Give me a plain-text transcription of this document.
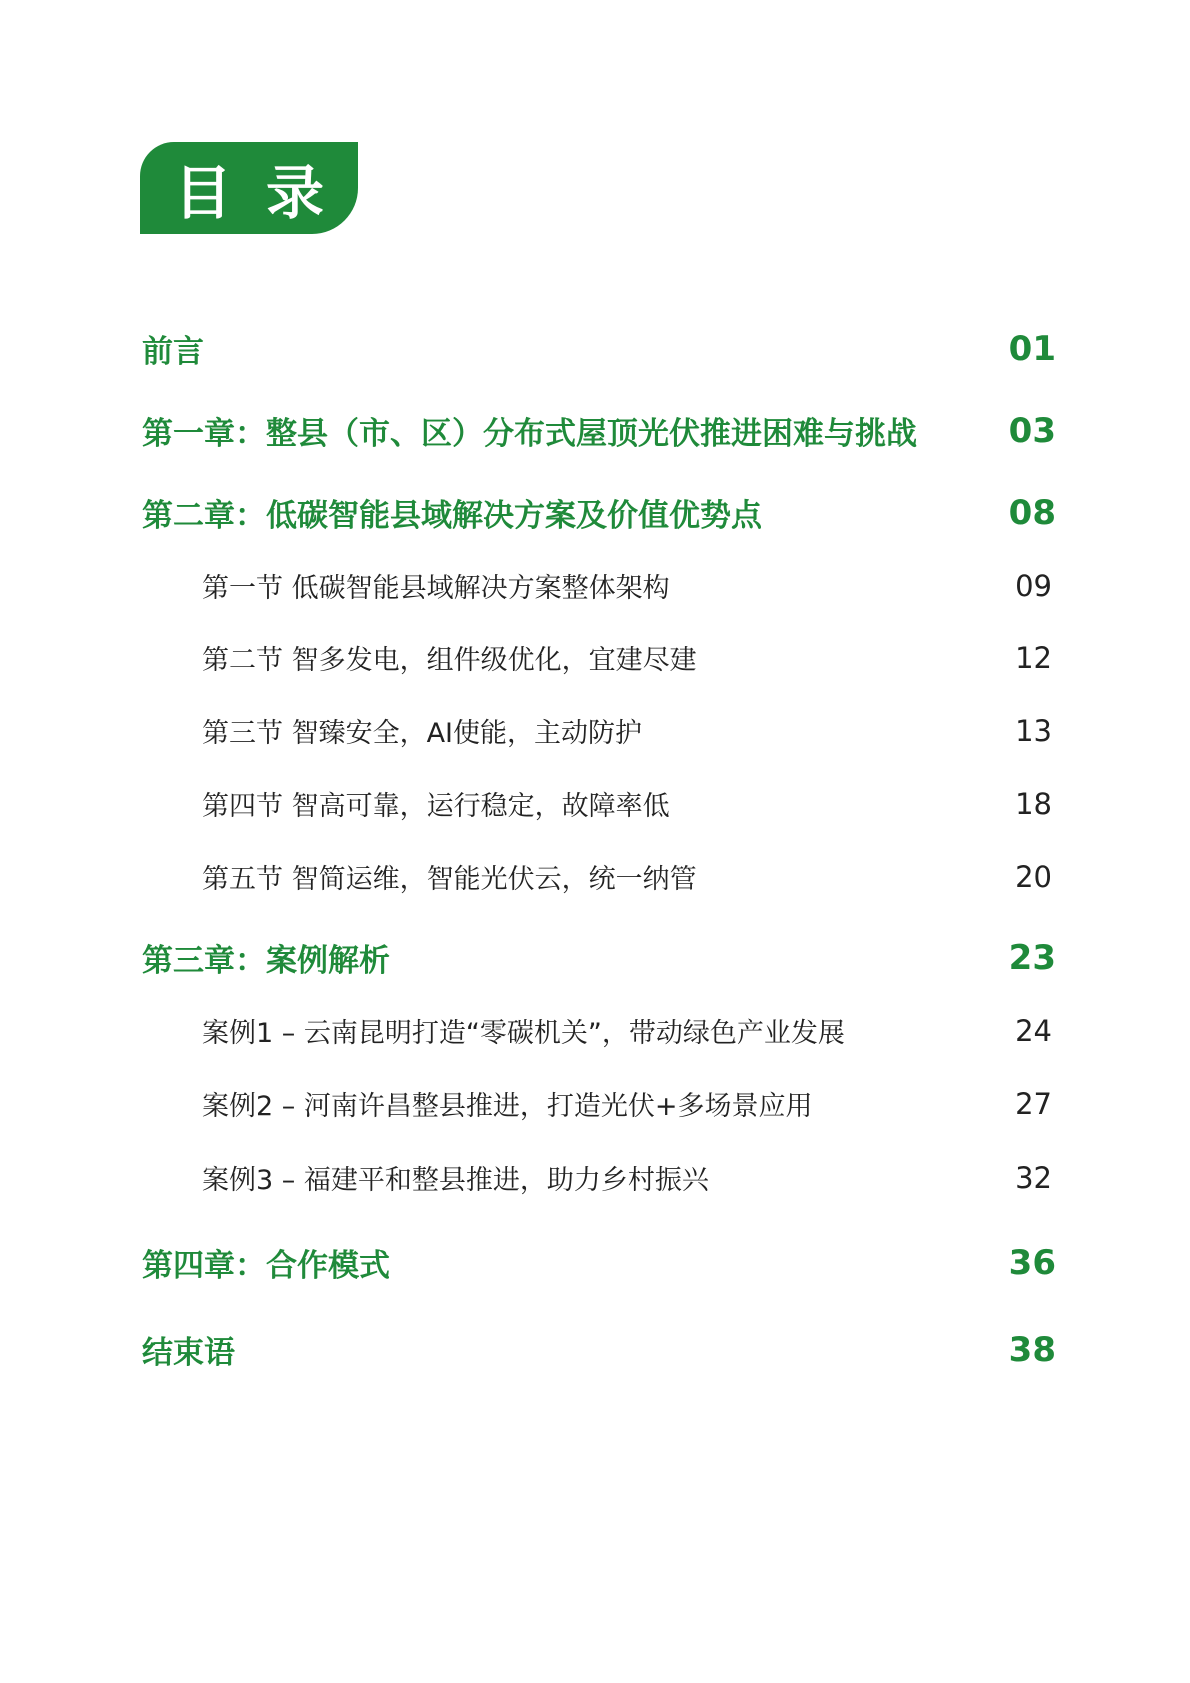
目 录
前言	01
第一章：整县（市、区）分布式屋顶光伏推进困难与挑战	03
第二章：低碳智能县域解决方案及价值优势点	08
第一节 低碳智能县域解决方案整体架构	09
第二节 智多发电，组件级优化，宜建尽建	12
第三节 智臻安全，AI使能，主动防护	13
第四节 智高可靠，运行稳定，故障率低	18
第五节 智简运维，智能光伏云，统一纳管	20
第三章：案例解析	23
案例1 – 云南昆明打造“零碳机关”，带动绿色产业发展	24
案例2 – 河南许昌整县推进，打造光伏+多场景应用	27
案例3 – 福建平和整县推进，助力乡村振兴	32
第四章：合作模式	36
结束语	38
